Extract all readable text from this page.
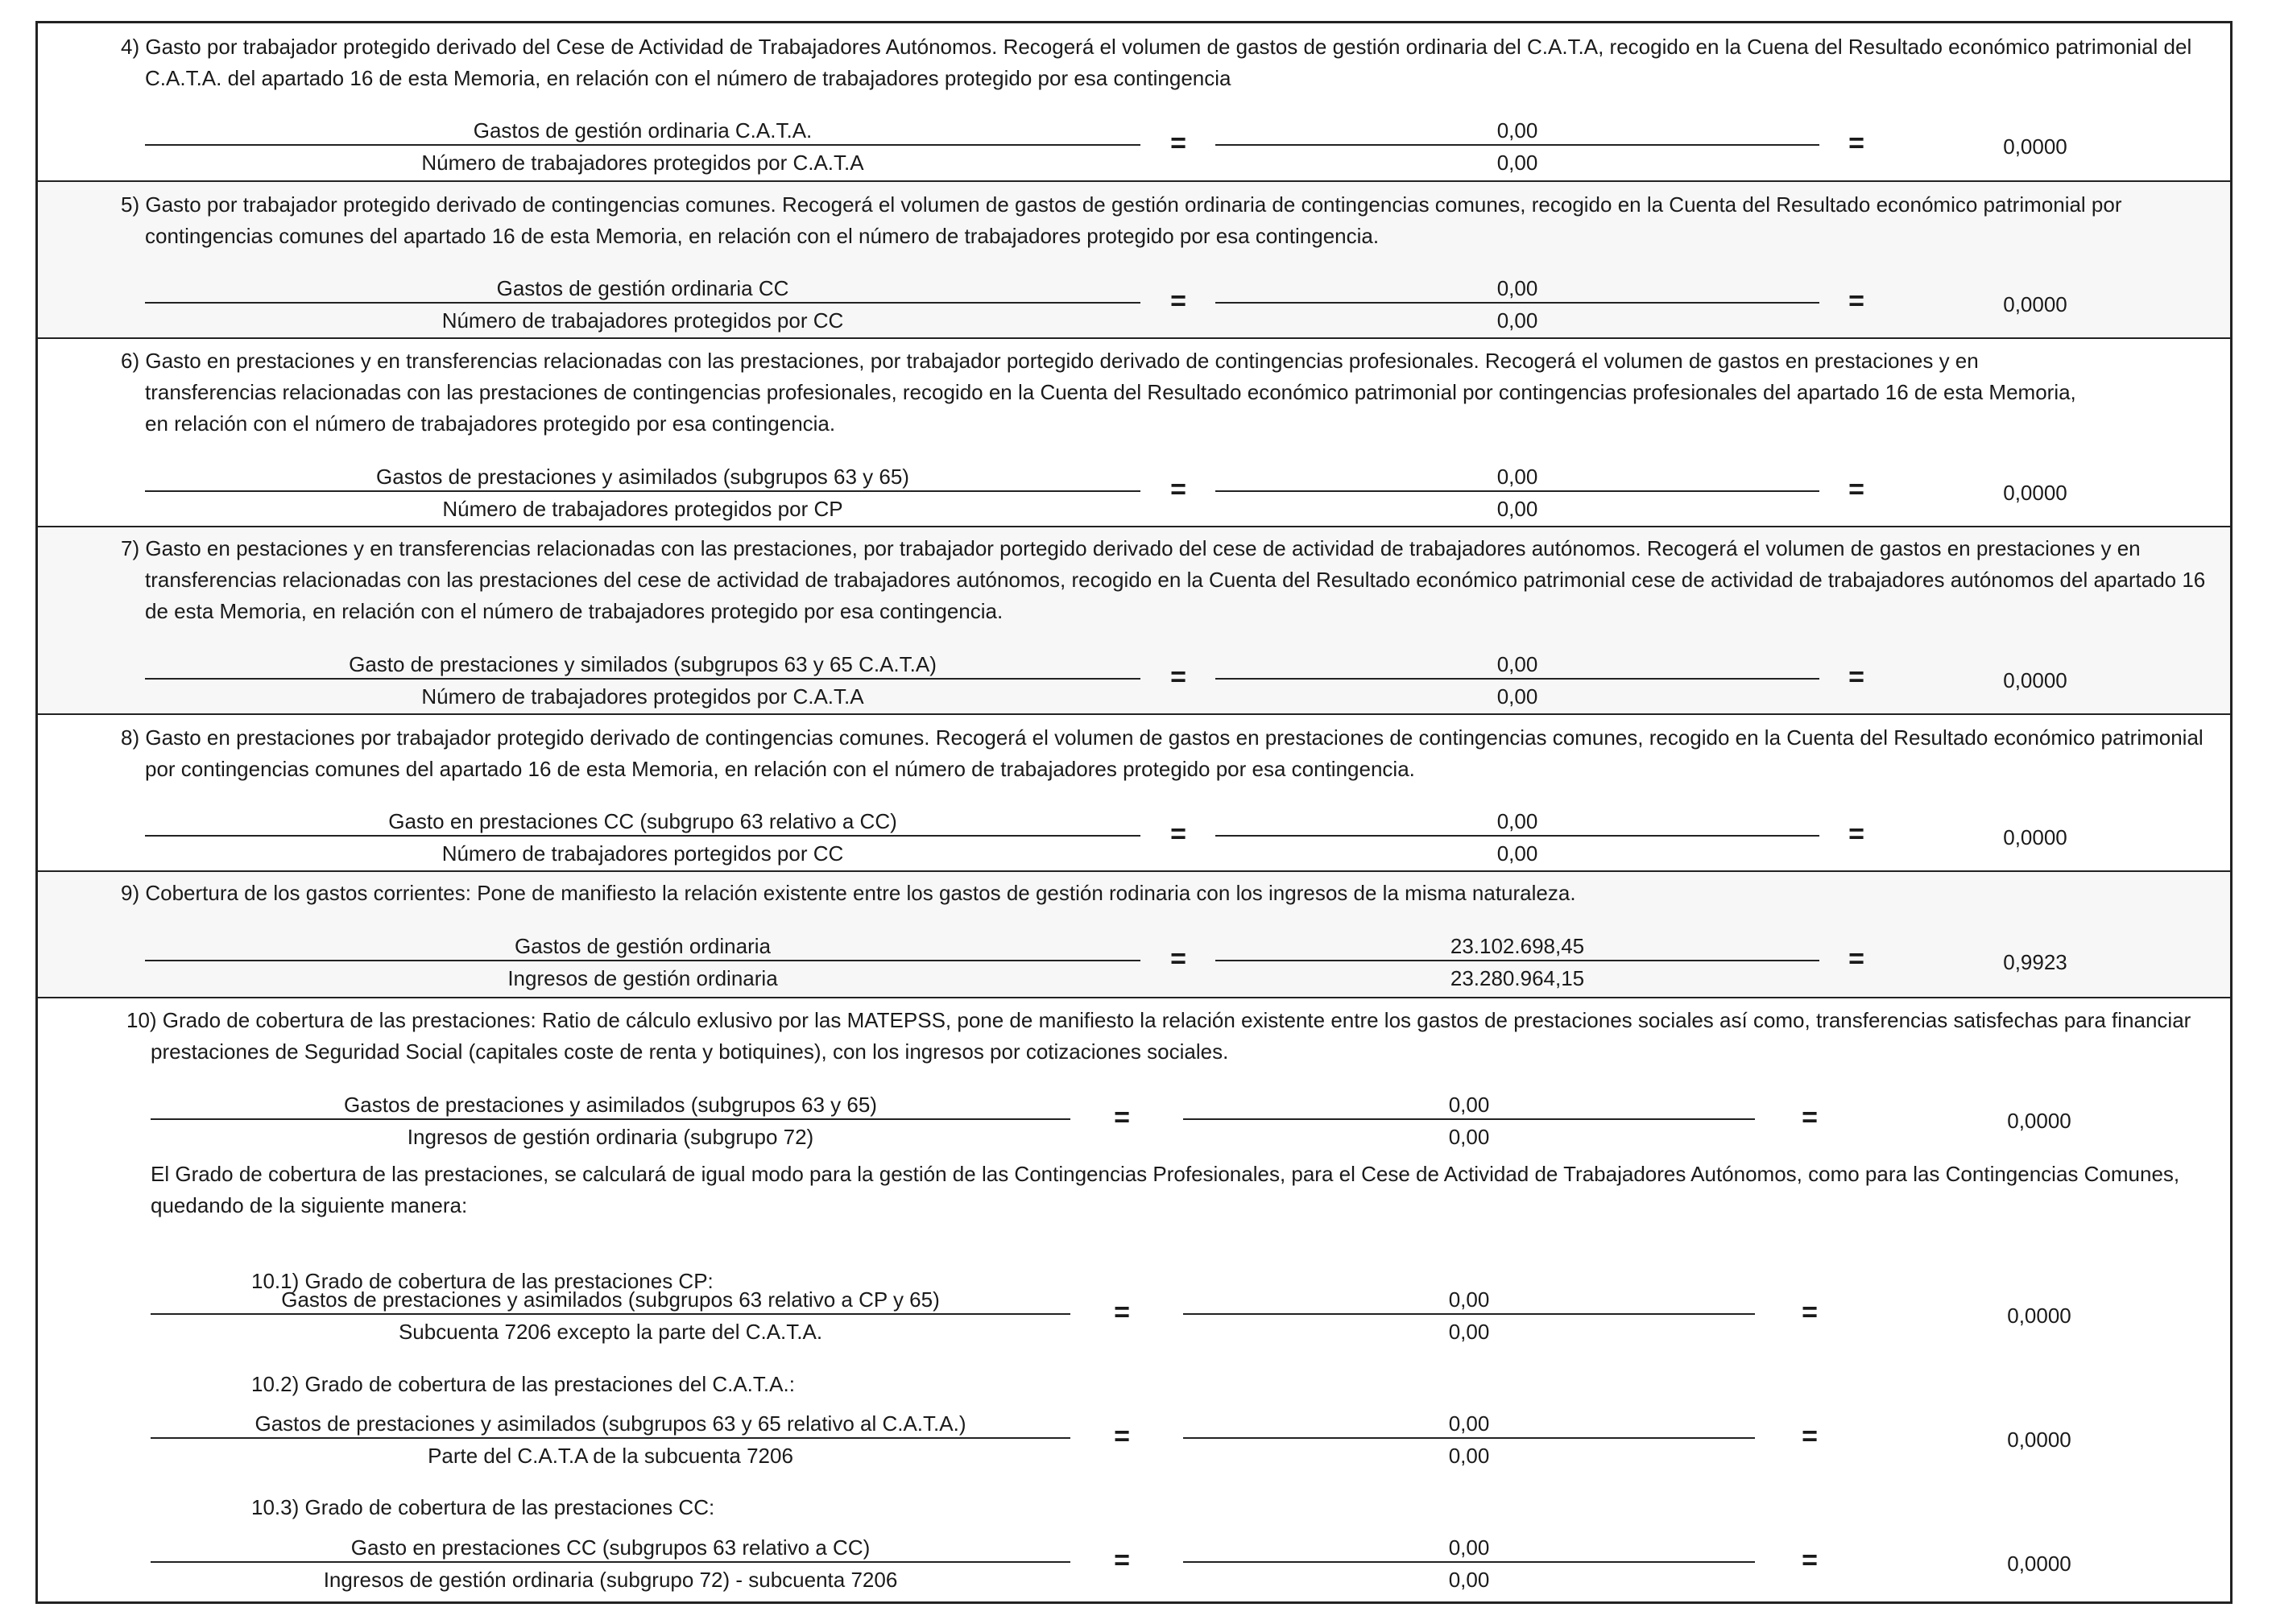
4) Gasto por trabajador protegido derivado del Cese de Actividad de Trabajadores Autónomos. Recogerá el volumen de gastos de gestión ordinaria del C.A.T.A, recogido en la Cuena del Resultado económico patrimonial del C.A.T.A. del apartado 16 de esta Memoria, en relación con el número de trabajadores protegido por esa contingencia
Gastos de gestión ordinaria C.A.T.A.
Número de trabajadores protegidos por C.A.T.A
=	0,00
0,00
=	0,0000
5) Gasto por trabajador protegido derivado de contingencias comunes. Recogerá el volumen de gastos de gestión ordinaria de contingencias comunes, recogido en la Cuenta del Resultado económico patrimonial por contingencias comunes del apartado 16 de esta Memoria, en relación con el número de trabajadores protegido por esa contingencia.
Gastos de gestión ordinaria CC
Número de trabajadores protegidos por CC
=	0,00
0,00
=	0,0000
6) Gasto en prestaciones y en transferencias relacionadas con las prestaciones, por trabajador portegido derivado de contingencias profesionales. Recogerá el volumen de gastos en prestaciones y en transferencias relacionadas con las prestaciones de contingencias profesionales, recogido en la Cuenta del Resultado económico patrimonial por contingencias profesionales del apartado 16 de esta Memoria, en relación con el número de trabajadores protegido por esa contingencia.
Gastos de prestaciones y asimilados (subgrupos 63 y 65)
Número de trabajadores protegidos por CP
=	0,00
0,00
=	0,0000
7) Gasto en pestaciones y en transferencias relacionadas con las prestaciones, por trabajador portegido derivado del cese de actividad de trabajadores autónomos. Recogerá el volumen de gastos en prestaciones y en transferencias relacionadas con las prestaciones del cese de actividad de trabajadores autónomos, recogido en la Cuenta del Resultado económico patrimonial cese de actividad de trabajadores autónomos del apartado 16 de esta Memoria, en relación con el número de trabajadores protegido por esa contingencia.
Gasto de prestaciones y similados (subgrupos 63 y 65 C.A.T.A)
Número de trabajadores protegidos por C.A.T.A
=	0,00
0,00
=	0,0000
8) Gasto en prestaciones por trabajador protegido derivado de contingencias comunes. Recogerá el volumen de gastos en prestaciones de contingencias comunes, recogido en la Cuenta del Resultado económico patrimonial por contingencias comunes del apartado 16 de esta Memoria, en relación con el número de trabajadores protegido por esa contingencia.
Gasto en prestaciones CC (subgrupo 63 relativo a CC)
Número de trabajadores portegidos por CC
=	0,00
0,00
=	0,0000
9) Cobertura de los gastos corrientes: Pone de manifiesto la relación existente entre los gastos de gestión rodinaria con los ingresos de la misma naturaleza.
Gastos de gestión ordinaria
Ingresos de gestión ordinaria
=	23.102.698,45
23.280.964,15
=	0,9923
10) Grado de cobertura de las prestaciones: Ratio de cálculo exlusivo por las MATEPSS, pone de manifiesto la relación existente entre los gastos de prestaciones sociales así como, transferencias satisfechas para financiar prestaciones de Seguridad Social (capitales coste de renta y botiquines), con los ingresos por cotizaciones sociales.
Gastos de prestaciones y asimilados (subgrupos 63 y 65)
Ingresos de gestión ordinaria (subgrupo 72)
=	0,00
0,00
=	0,0000
El Grado de cobertura de las prestaciones, se calculará de igual modo para la gestión de las Contingencias Profesionales, para el Cese de Actividad de Trabajadores Autónomos, como para las Contingencias Comunes, quedando de la siguiente manera:
10.1) Grado de cobertura de las prestaciones CP:
Gastos de prestaciones y asimilados (subgrupos 63 relativo a CP y 65)
Subcuenta 7206 excepto la parte del C.A.T.A.
=	0,00
0,00
=	0,0000
10.2) Grado de cobertura de las prestaciones del C.A.T.A.:
Gastos de prestaciones y asimilados (subgrupos 63 y 65 relativo al C.A.T.A.)
Parte del C.A.T.A de la subcuenta 7206
=	0,00
0,00
=	0,0000
10.3) Grado de cobertura de las prestaciones CC:
Gasto en prestaciones CC (subgrupos 63 relativo a CC)
Ingresos de gestión ordinaria (subgrupo 72) - subcuenta 7206
=	0,00
0,00
=	0,0000
